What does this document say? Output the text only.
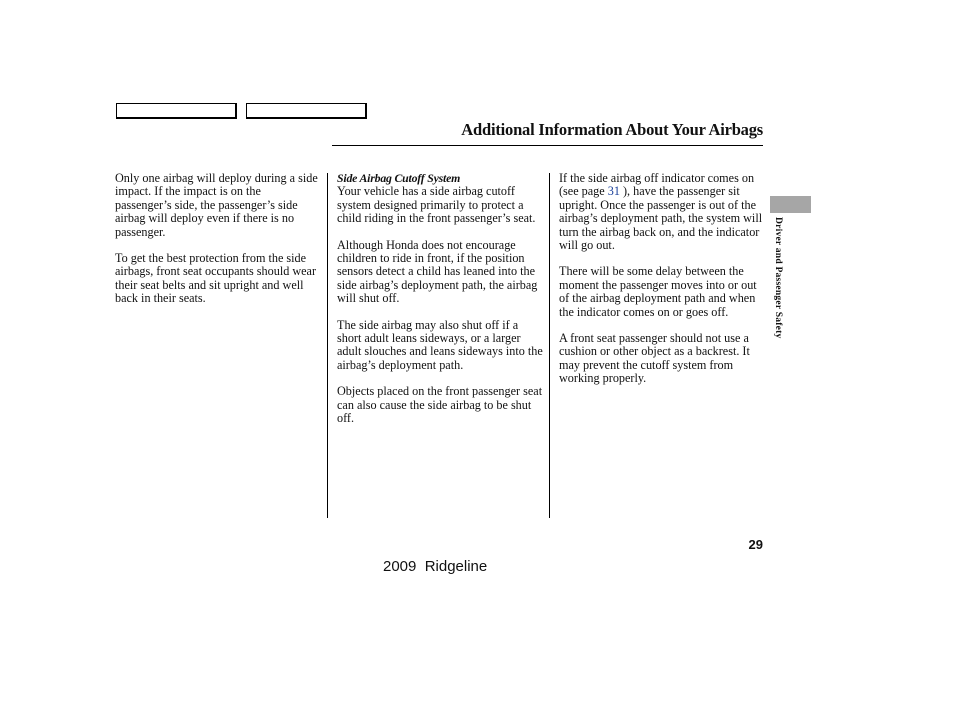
Additional Information About Your Airbags

Only one airbag will deploy during a side impact. If the impact is on the passenger’s side, the passenger’s side airbag will deploy even if there is no passenger.

To get the best protection from the side airbags, front seat occupants should wear their seat belts and sit upright and well back in their seats.

Side Airbag Cutoff System

Your vehicle has a side airbag cutoff system designed primarily to protect a child riding in the front passenger’s seat.

Although Honda does not encourage children to ride in front, if the position sensors detect a child has leaned into the side airbag’s deployment path, the airbag will shut off.

The side airbag may also shut off if a short adult leans sideways, or a larger adult slouches and leans sideways into the airbag’s deployment path.

Objects placed on the front passenger seat can also cause the side airbag to be shut off.

If the side airbag off indicator comes on (see page 31 ), have the passenger sit upright. Once the passenger is out of the airbag’s deployment path, the system will turn the airbag back on, and the indicator will go out.

There will be some delay between the moment the passenger moves into or out of the airbag deployment path and when the indicator comes on or goes off.

A front seat passenger should not use a cushion or other object as a backrest. It may prevent the cutoff system from working properly.

Driver and Passenger Safety
29
2009  Ridgeline
